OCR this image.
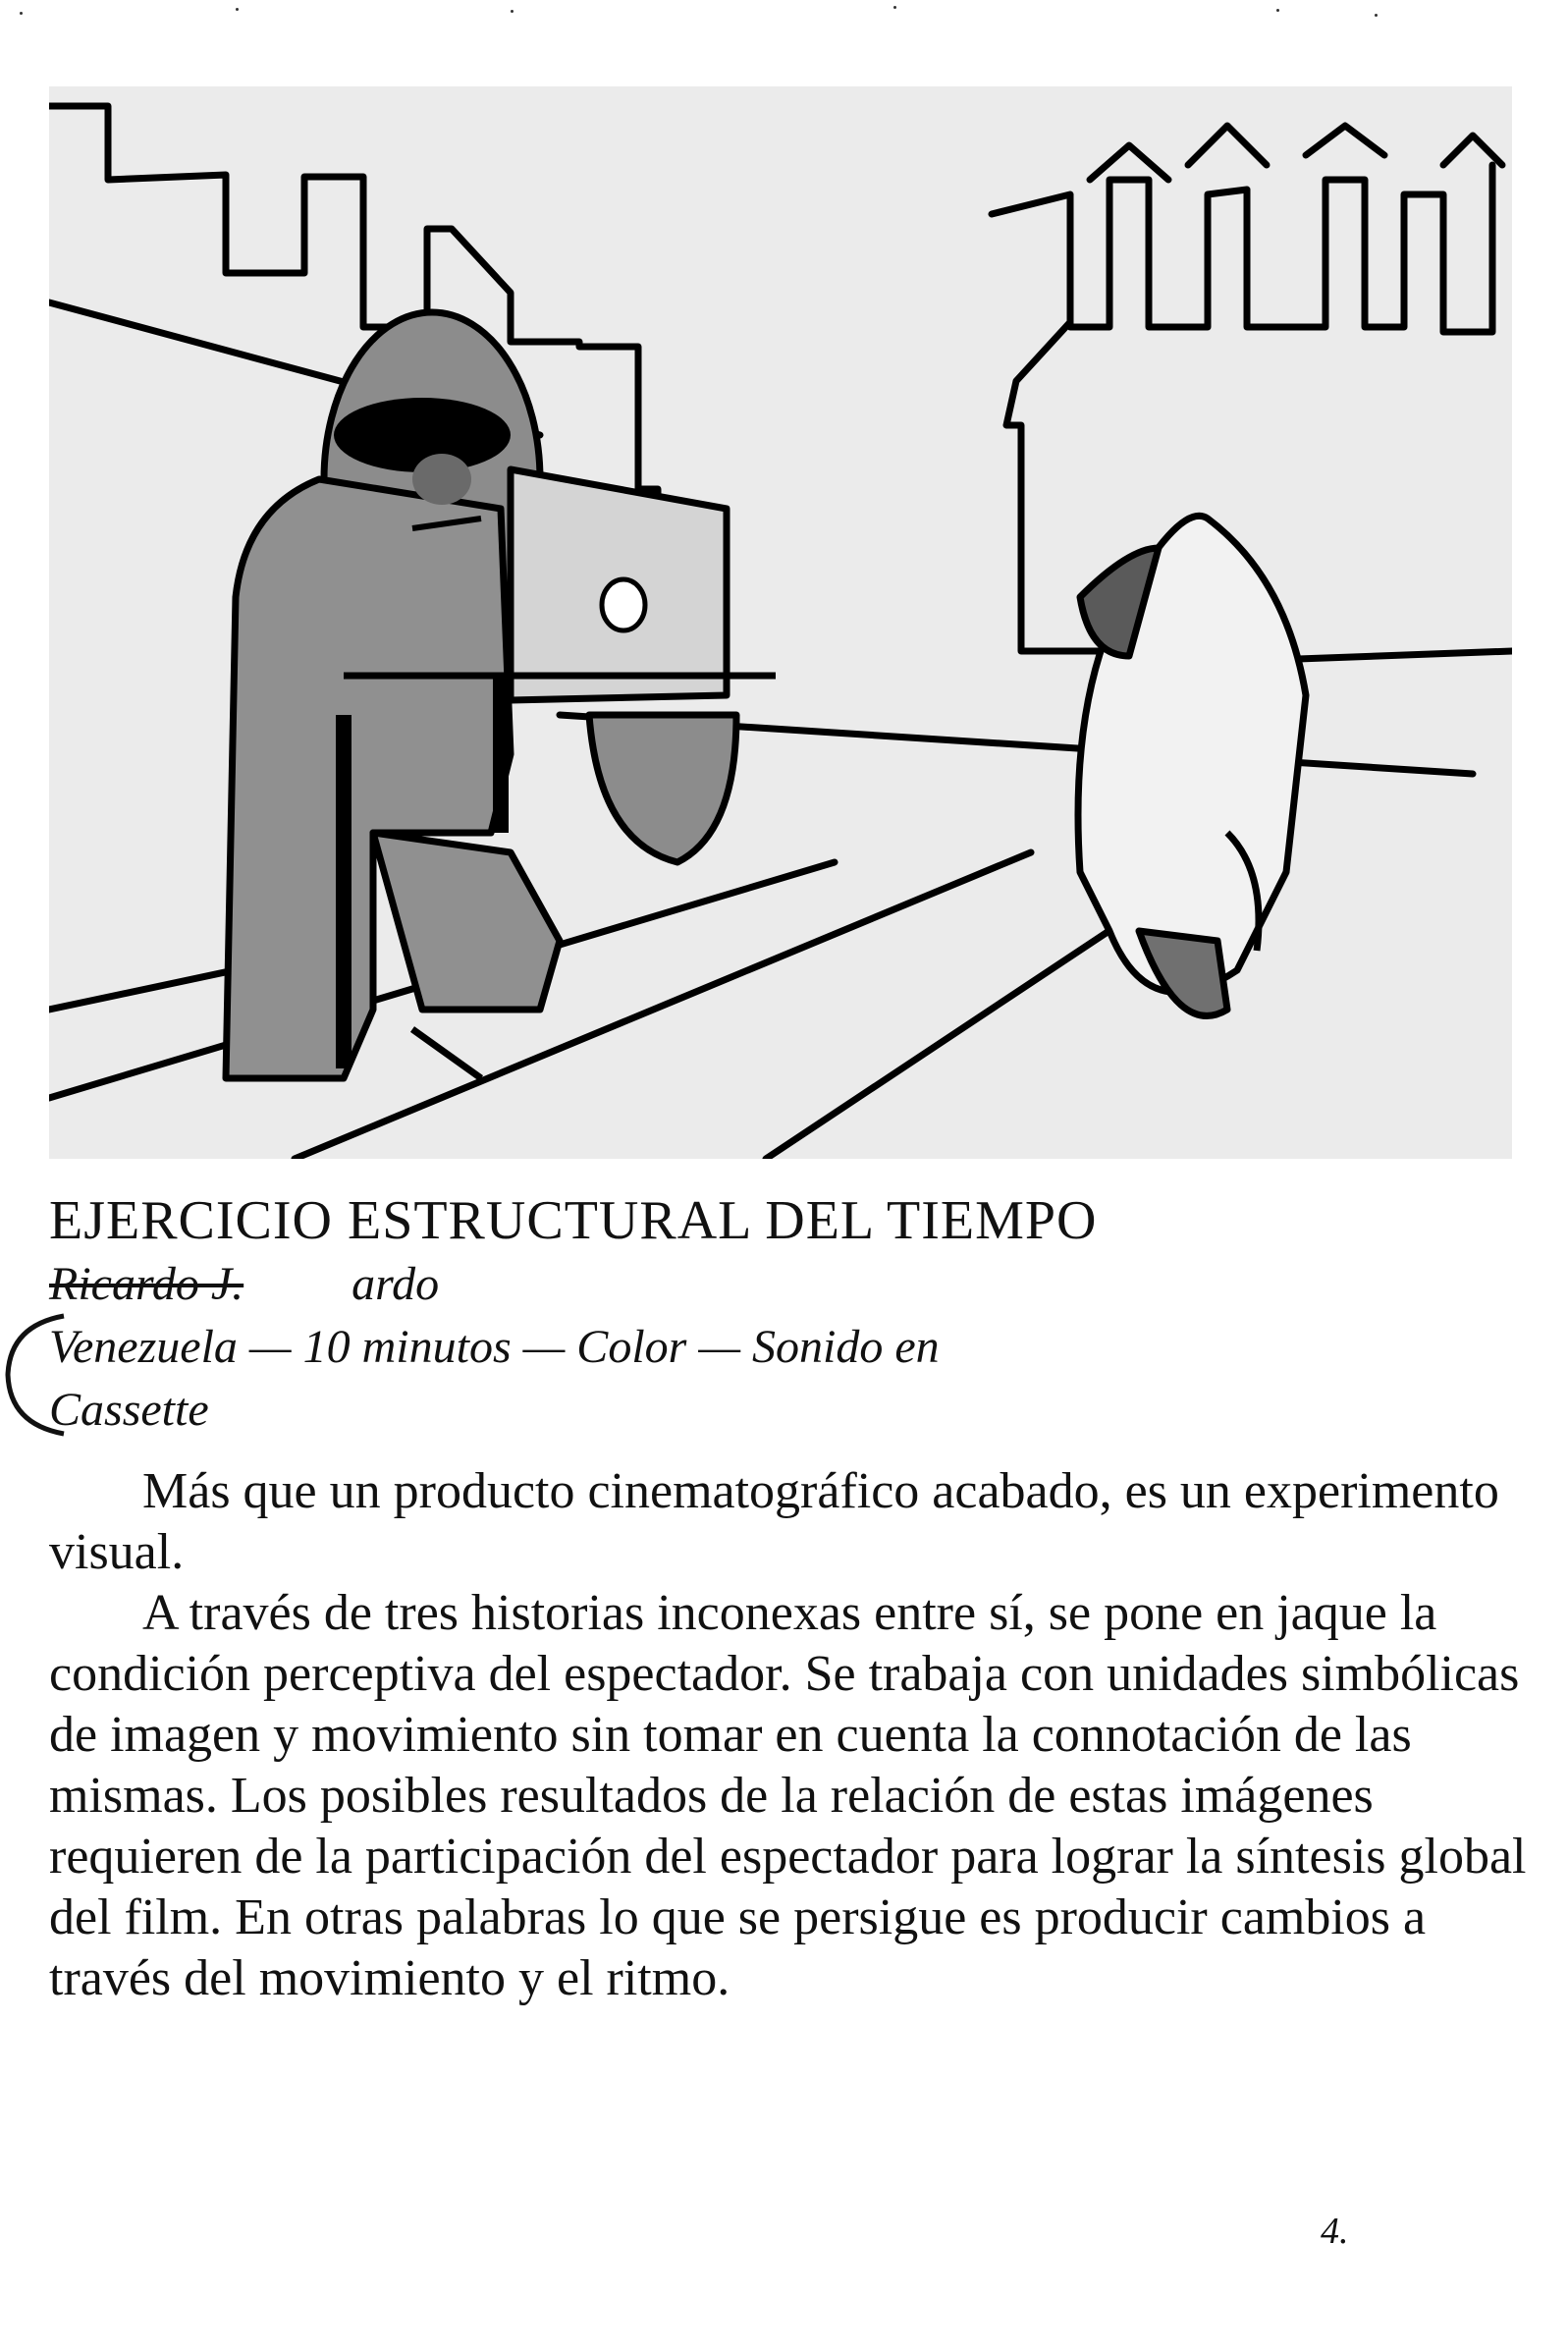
EJERCICIO ESTRUCTURAL DEL TIEMPO
Ricardo J. ardo

Venezuela — 10 minutos — Color — Sonido en

Cassette

Más que un producto cinematográfico acabado, es un experimento visual.

A través de tres historias inconexas entre sí, se pone en jaque la condición perceptiva del espectador. Se trabaja con unidades simbólicas de imagen y movimiento sin tomar en cuenta la connotación de las mismas. Los posibles resultados de la relación de estas imágenes requieren de la participación del espectador para lograr la síntesis global del film. En otras palabras lo que se persigue es producir cambios a través del movimiento y el ritmo.

4.
